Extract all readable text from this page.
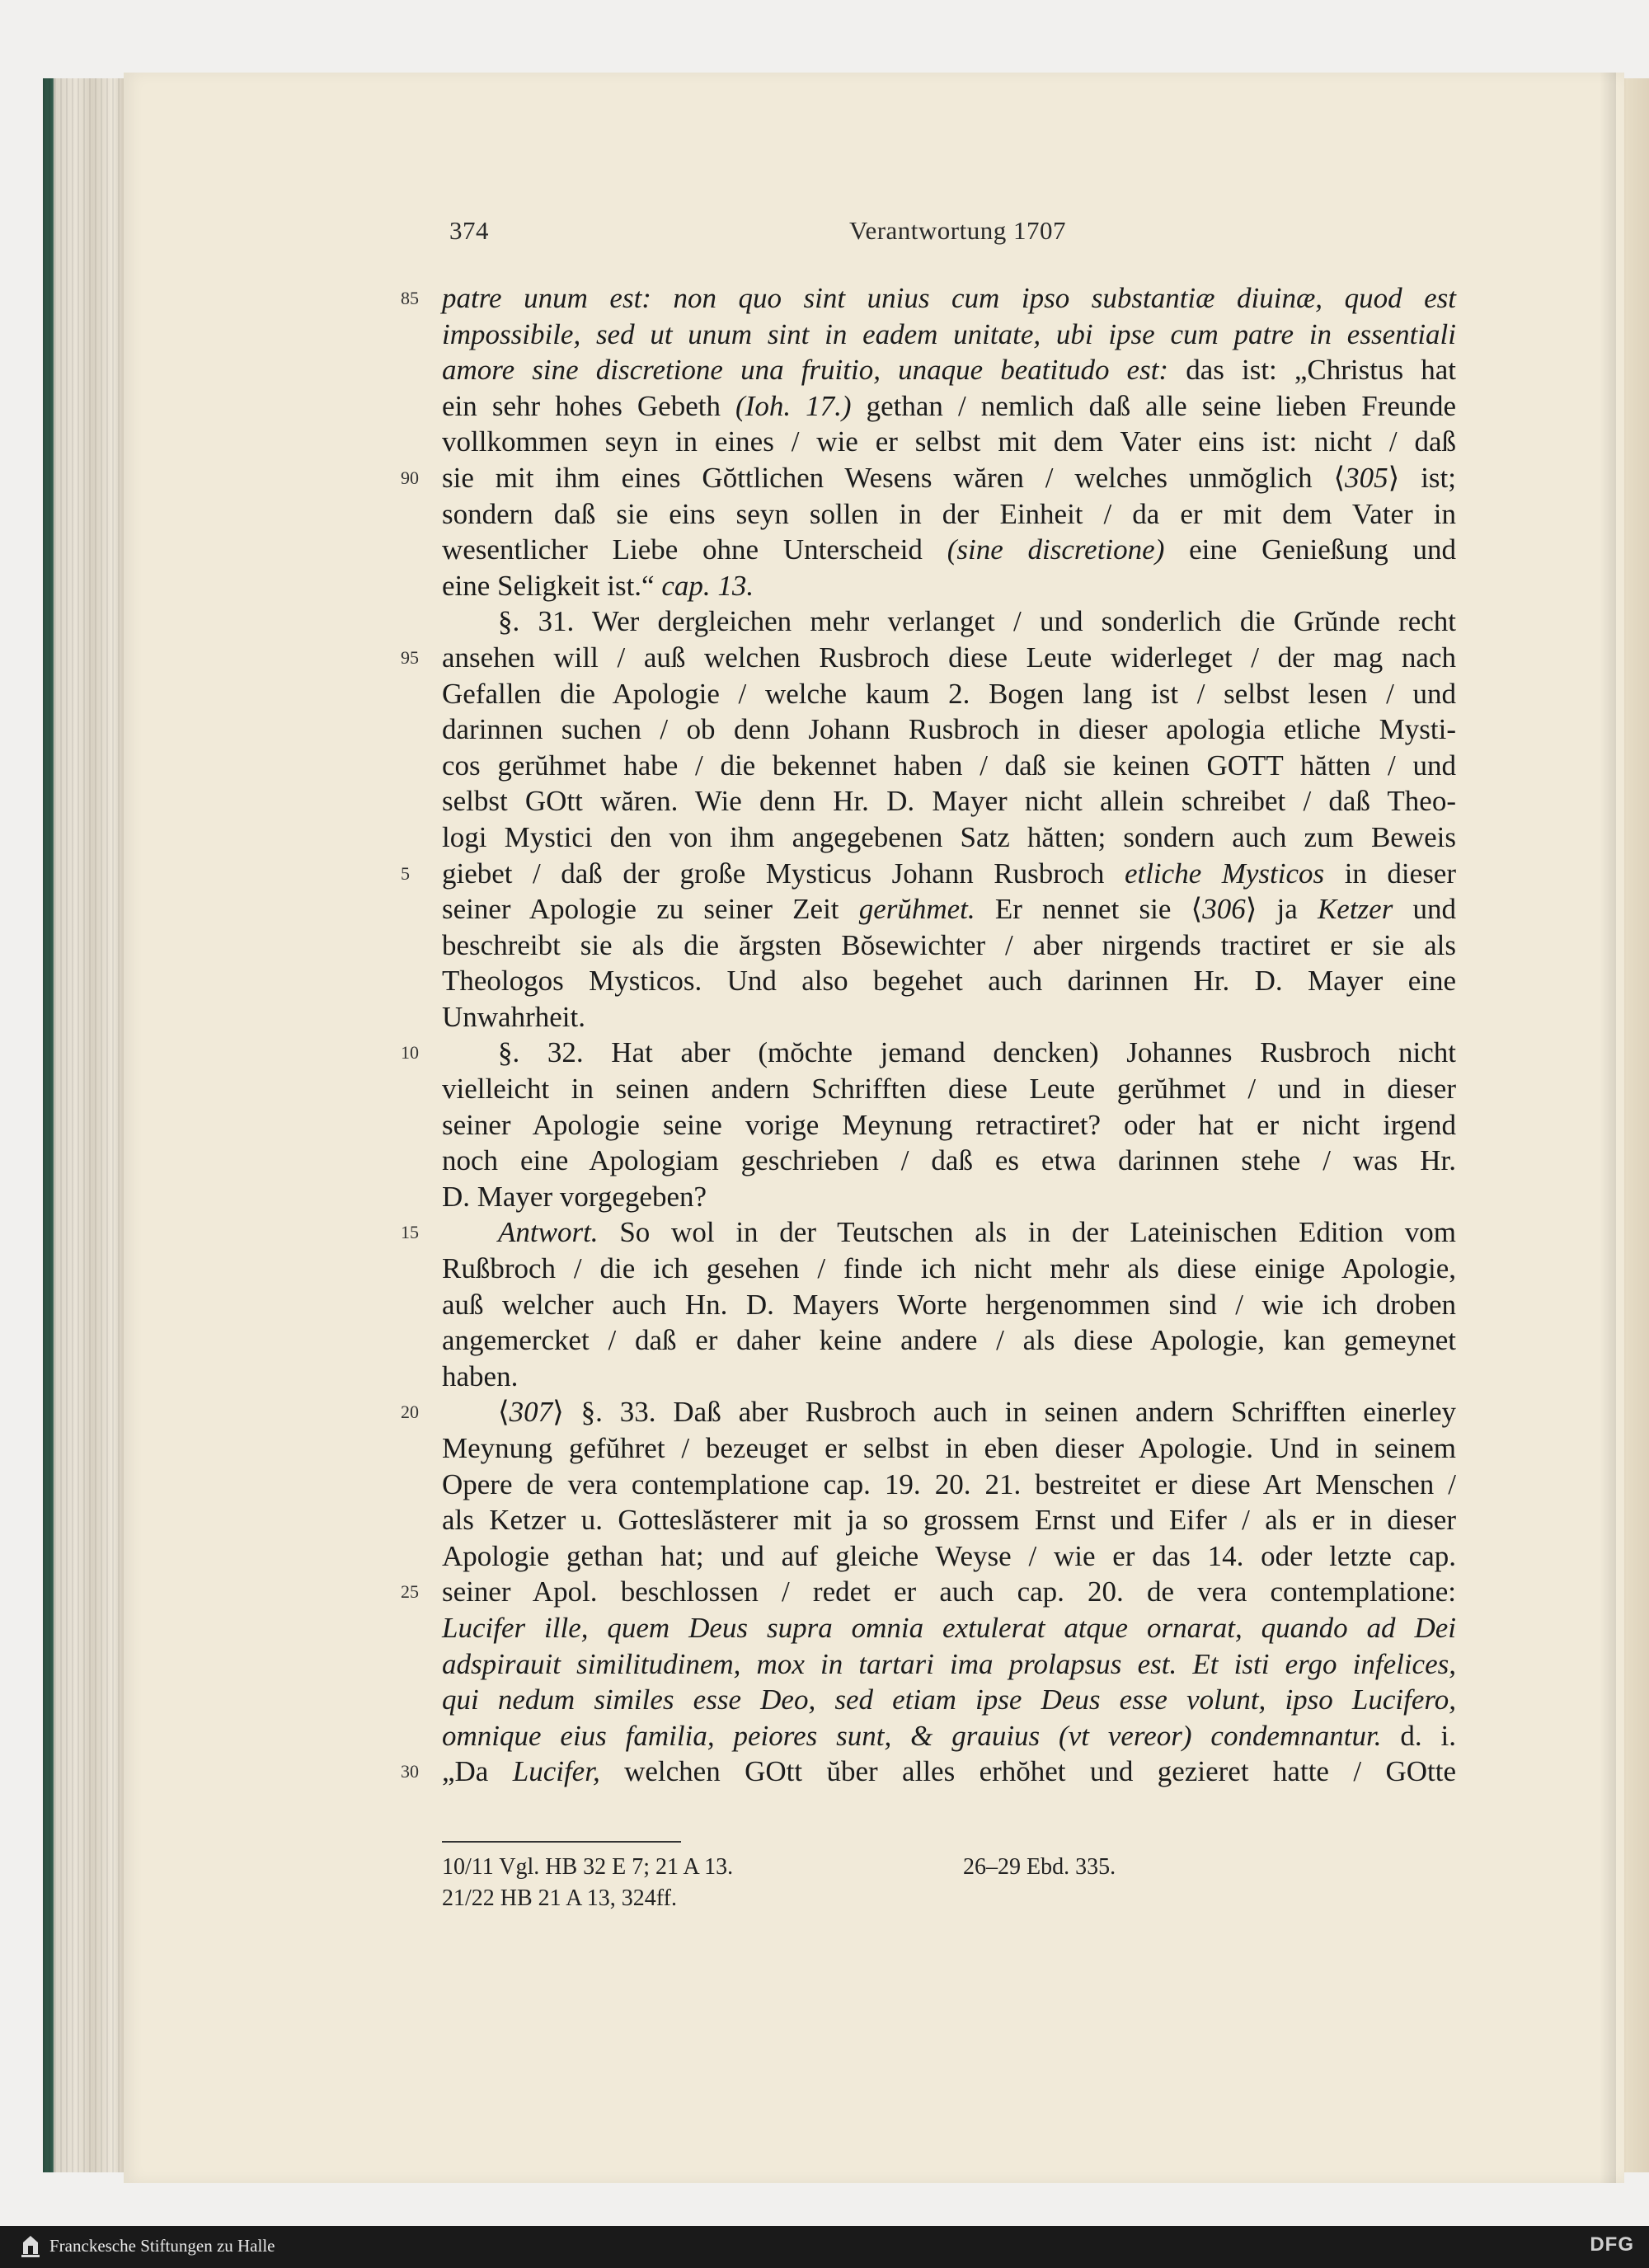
374	Verantwortung 1707
85 patre unum est: non quo sint unius cum ipso substantiæ diuinæ, quod est
impossibile, sed ut unum sint in eadem unitate, ubi ipse cum patre in essentiali
amore sine discretione una fruitio, unaque beatitudo est: das ist: „Christus hat
ein sehr hohes Gebeth (Ioh. 17.) gethan / nemlich daß alle seine lieben Freunde
vollkommen seyn in eines / wie er selbst mit dem Vater eins ist: nicht / daß
90 sie mit ihm eines Gŏttlichen Wesens wăren / welches unmŏglich ⟨305⟩ ist;
sondern daß sie eins seyn sollen in der Einheit / da er mit dem Vater in
wesentlicher Liebe ohne Unterscheid (sine discretione) eine Genießung und
eine Seligkeit ist.“ cap. 13.
§. 31. Wer dergleichen mehr verlanget / und sonderlich die Grŭnde recht
95 ansehen will / auß welchen Rusbroch diese Leute widerleget / der mag nach
Gefallen die Apologie / welche kaum 2. Bogen lang ist / selbst lesen / und
darinnen suchen / ob denn Johann Rusbroch in dieser apologia etliche Mysti-
cos gerŭhmet habe / die bekennet haben / daß sie keinen GOTT hătten / und
selbst GOtt wăren. Wie denn Hr. D. Mayer nicht allein schreibet / daß Theo-
logi Mystici den von ihm angegebenen Satz hătten; sondern auch zum Beweis
5 giebet / daß der große Mysticus Johann Rusbroch etliche Mysticos in dieser
seiner Apologie zu seiner Zeit gerŭhmet. Er nennet sie ⟨306⟩ ja Ketzer und
beschreibt sie als die ărgsten Bŏsewichter / aber nirgends tractiret er sie als
Theologos Mysticos. Und also begehet auch darinnen Hr. D. Mayer eine
Unwahrheit.
10	§. 32. Hat aber (mŏchte jemand dencken) Johannes Rusbroch nicht
vielleicht in seinen andern Schrifften diese Leute gerŭhmet / und in dieser
seiner Apologie seine vorige Meynung retractiret? oder hat er nicht irgend
noch eine Apologiam geschrieben / daß es etwa darinnen stehe / was Hr.
D. Mayer vorgegeben?
15	Antwort. So wol in der Teutschen als in der Lateinischen Edition vom
Rußbroch / die ich gesehen / finde ich nicht mehr als diese einige Apologie,
auß welcher auch Hn. D. Mayers Worte hergenommen sind / wie ich droben
angemercket / daß er daher keine andere / als diese Apologie, kan gemeynet
haben.
20	⟨307⟩ §. 33. Daß aber Rusbroch auch in seinen andern Schrifften einerley
Meynung gefŭhret / bezeuget er selbst in eben dieser Apologie. Und in seinem
Opere de vera contemplatione cap. 19. 20. 21. bestreitet er diese Art Menschen /
als Ketzer u. Gotteslăsterer mit ja so grossem Ernst und Eifer / als er in dieser
Apologie gethan hat; und auf gleiche Weyse / wie er das 14. oder letzte cap.
25 seiner Apol. beschlossen / redet er auch cap. 20. de vera contemplatione:
Lucifer ille, quem Deus supra omnia extulerat atque ornarat, quando ad Dei
adspirauit similitudinem, mox in tartari ima prolapsus est. Et isti ergo infelices,
qui nedum similes esse Deo, sed etiam ipse Deus esse volunt, ipso Lucifero,
omnique eius familia, peiores sunt, & grauius (vt vereor) condemnantur. d. i.
30 „Da Lucifer, welchen GOtt ŭber alles erhŏhet und gezieret hatte / GOtte
10/11 Vgl. HB 32 E 7; 21 A 13.
21/22 HB 21 A 13, 324ff.
26–29 Ebd. 335.
Franckesche Stiftungen zu Halle	DFG
